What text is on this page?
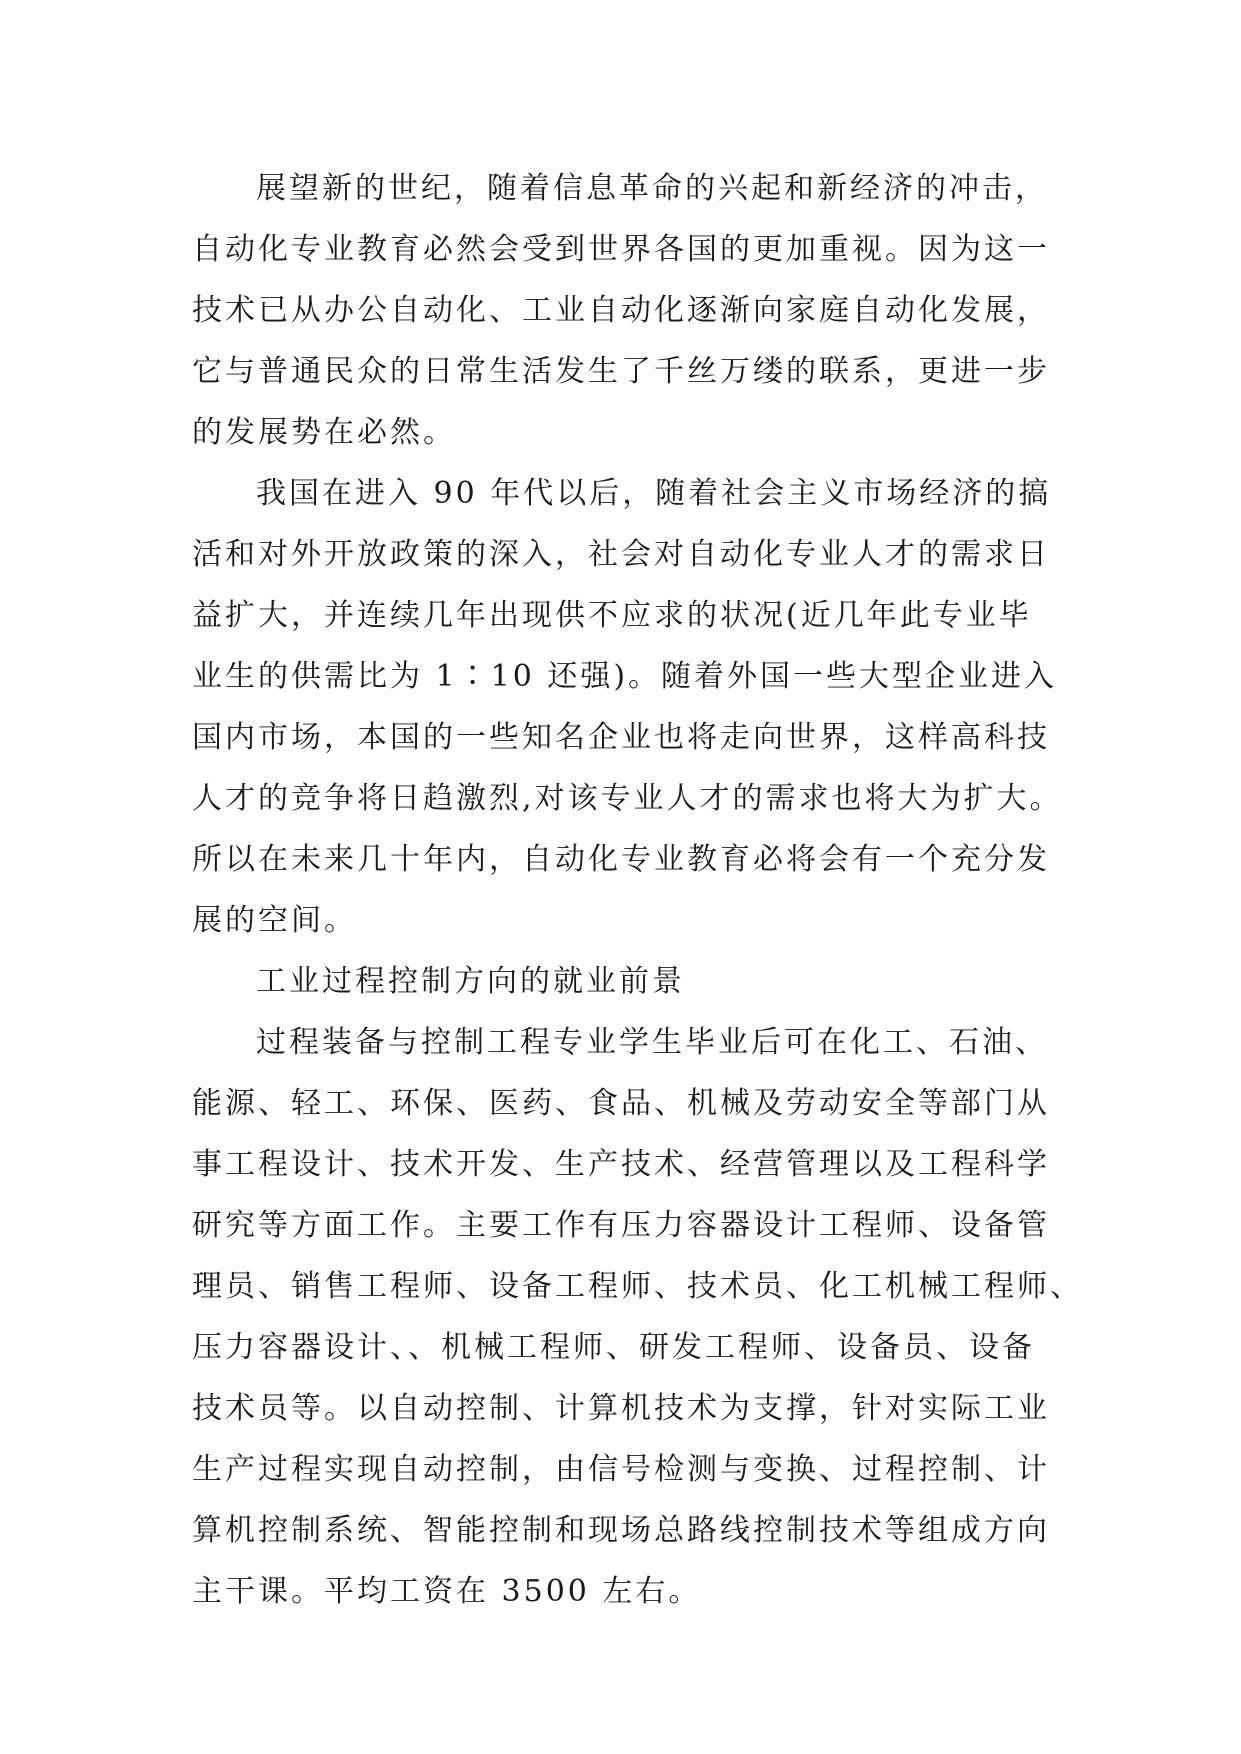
展望新的世纪，随着信息革命的兴起和新经济的冲击，
自动化专业教育必然会受到世界各国的更加重视。因为这一
技术已从办公自动化、工业自动化逐渐向家庭自动化发展，
它与普通民众的日常生活发生了千丝万缕的联系，更进一步
的发展势在必然。
我国在进入 90 年代以后，随着社会主义市场经济的搞
活和对外开放政策的深入，社会对自动化专业人才的需求日
益扩大，并连续几年出现供不应求的状况(近几年此专业毕
业生的供需比为 1∶10 还强)。随着外国一些大型企业进入
国内市场，本国的一些知名企业也将走向世界，这样高科技
人才的竞争将日趋激烈,对该专业人才的需求也将大为扩大。
所以在未来几十年内，自动化专业教育必将会有一个充分发
展的空间。
工业过程控制方向的就业前景
过程装备与控制工程专业学生毕业后可在化工、石油、
能源、轻工、环保、医药、食品、机械及劳动安全等部门从
事工程设计、技术开发、生产技术、经营管理以及工程科学
研究等方面工作。主要工作有压力容器设计工程师、设备管
理员、销售工程师、设备工程师、技术员、化工机械工程师、
压力容器设计、、机械工程师、研发工程师、设备员、设备
技术员等。以自动控制、计算机技术为支撑，针对实际工业
生产过程实现自动控制，由信号检测与变换、过程控制、计
算机控制系统、智能控制和现场总路线控制技术等组成方向
主干课。平均工资在 3500 左右。
